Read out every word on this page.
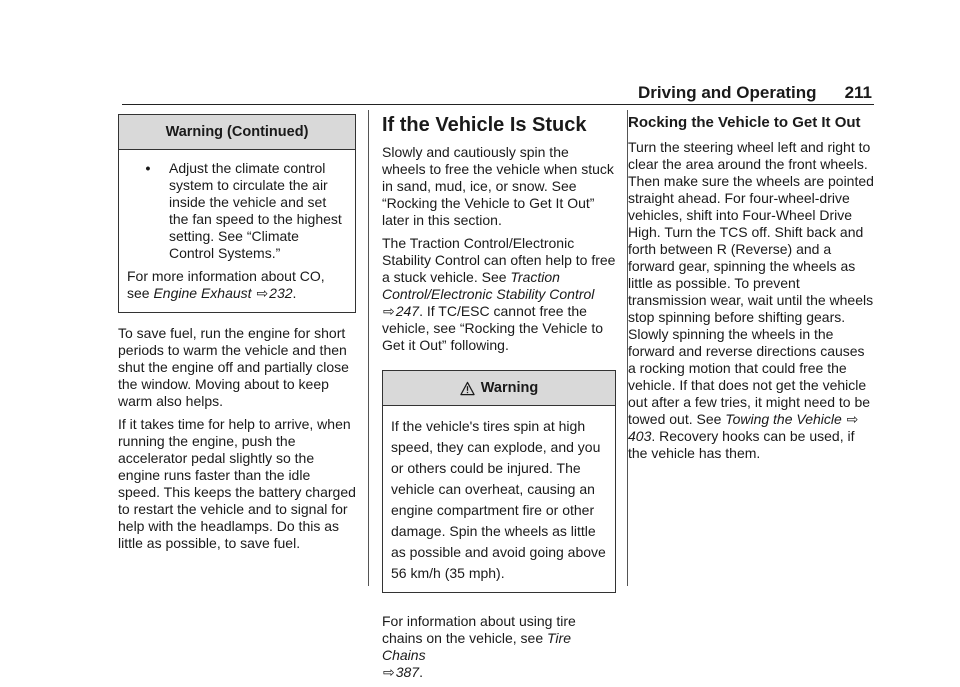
Driving and Operating 211
Warning (Continued)
•	Adjust the climate control system to circulate the air inside the vehicle and set the fan speed to the highest setting. See “Climate Control Systems.”

For more information about CO, see Engine Exhaust ⇨232.

To save fuel, run the engine for short periods to warm the vehicle and then shut the engine off and partially close the window. Moving about to keep warm also helps.

If it takes time for help to arrive, when running the engine, push the accelerator pedal slightly so the engine runs faster than the idle speed. This keeps the battery charged to restart the vehicle and to signal for help with the headlamps. Do this as little as possible, to save fuel.

If the Vehicle Is Stuck

Slowly and cautiously spin the wheels to free the vehicle when stuck in sand, mud, ice, or snow. See “Rocking the Vehicle to Get It Out” later in this section.

The Traction Control/Electronic Stability Control can often help to free a stuck vehicle. See Traction Control/Electronic Stability Control
⇨247. If TC/ESC cannot free the vehicle, see “Rocking the Vehicle to Get it Out” following.

Warning
If the vehicle's tires spin at high speed, they can explode, and you or others could be injured. The vehicle can overheat, causing an engine compartment fire or other damage. Spin the wheels as little as possible and avoid going above 56 km/h (35 mph).

For information about using tire chains on the vehicle, see Tire Chains
⇨387.

Rocking the Vehicle to Get It Out

Turn the steering wheel left and right to clear the area around the front wheels. Then make sure the wheels are pointed straight ahead. For four-wheel-drive vehicles, shift into Four-Wheel Drive High. Turn the TCS off. Shift back and forth between R (Reverse) and a forward gear, spinning the wheels as little as possible. To prevent transmission wear, wait until the wheels stop spinning before shifting gears. Slowly spinning the wheels in the forward and reverse directions causes a rocking motion that could free the vehicle. If that does not get the vehicle out after a few tries, it might need to be towed out. See Towing the Vehicle ⇨403. Recovery hooks can be used, if the vehicle has them.
